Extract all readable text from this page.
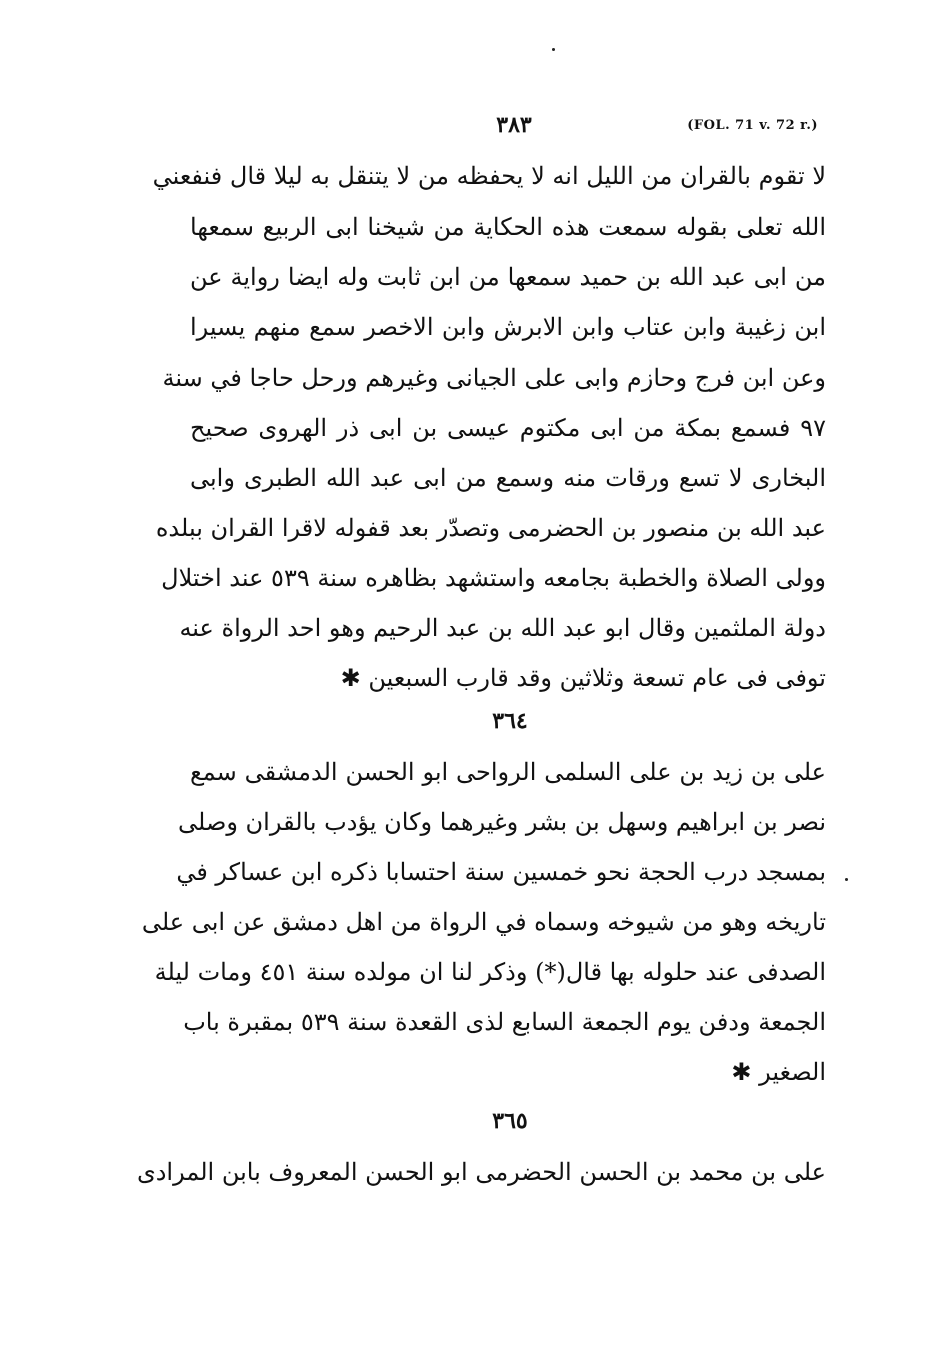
٣٨٣	(FOL. 71 v. 72 r.)
لا تقوم بالقران من الليل انه لا يحفظه من لا يتنقل به ليلا قال فنفعني
الله تعلى بقوله سمعت هذه الحكاية من شيخنا ابى الربيع سمعها
من ابى عبد الله بن حميد سمعها من ابن ثابت وله ايضا رواية عن
ابن زغيبة وابن عتاب وابن الابرش وابن الاخصر سمع منهم يسيرا
وعن ابن فرج وحازم وابى على الجيانى وغيرهم ورحل حاجا في سنة
٩٧ فسمع بمكة من ابى مكتوم عيسى بن ابى ذر الهروى صحيح
البخارى لا تسع ورقات منه وسمع من ابى عبد الله الطبرى وابى
عبد الله بن منصور بن الحضرمى وتصدّر بعد قفوله لاقرا القران ببلده
وولى الصلاة والخطبة بجامعه واستشهد بظاهره سنة ٥٣٩ عند اختلال
دولة الملثمين وقال ابو عبد الله بن عبد الرحيم وهو احد الرواة عنه
توفى فى عام تسعة وثلاثين وقد قارب السبعين ✱
٣٦٤
على بن زيد بن على السلمى الرواحى ابو الحسن الدمشقى سمع
نصر بن ابراهيم وسهل بن بشر وغيرهما وكان يؤدب بالقران وصلى
بمسجد درب الحجة نحو خمسين سنة احتسابا ذكره ابن عساكر في
تاريخه وهو من شيوخه وسماه في الرواة من اهل دمشق عن ابى على
الصدفى عند حلوله بها قال(*) وذكر لنا ان مولده سنة ٤٥١ ومات ليلة
الجمعة ودفن يوم الجمعة السابع لذى القعدة سنة ٥٣٩ بمقبرة باب
الصغير ✱
٣٦٥
على بن محمد بن الحسن الحضرمى ابو الحسن المعروف بابن المرادى
